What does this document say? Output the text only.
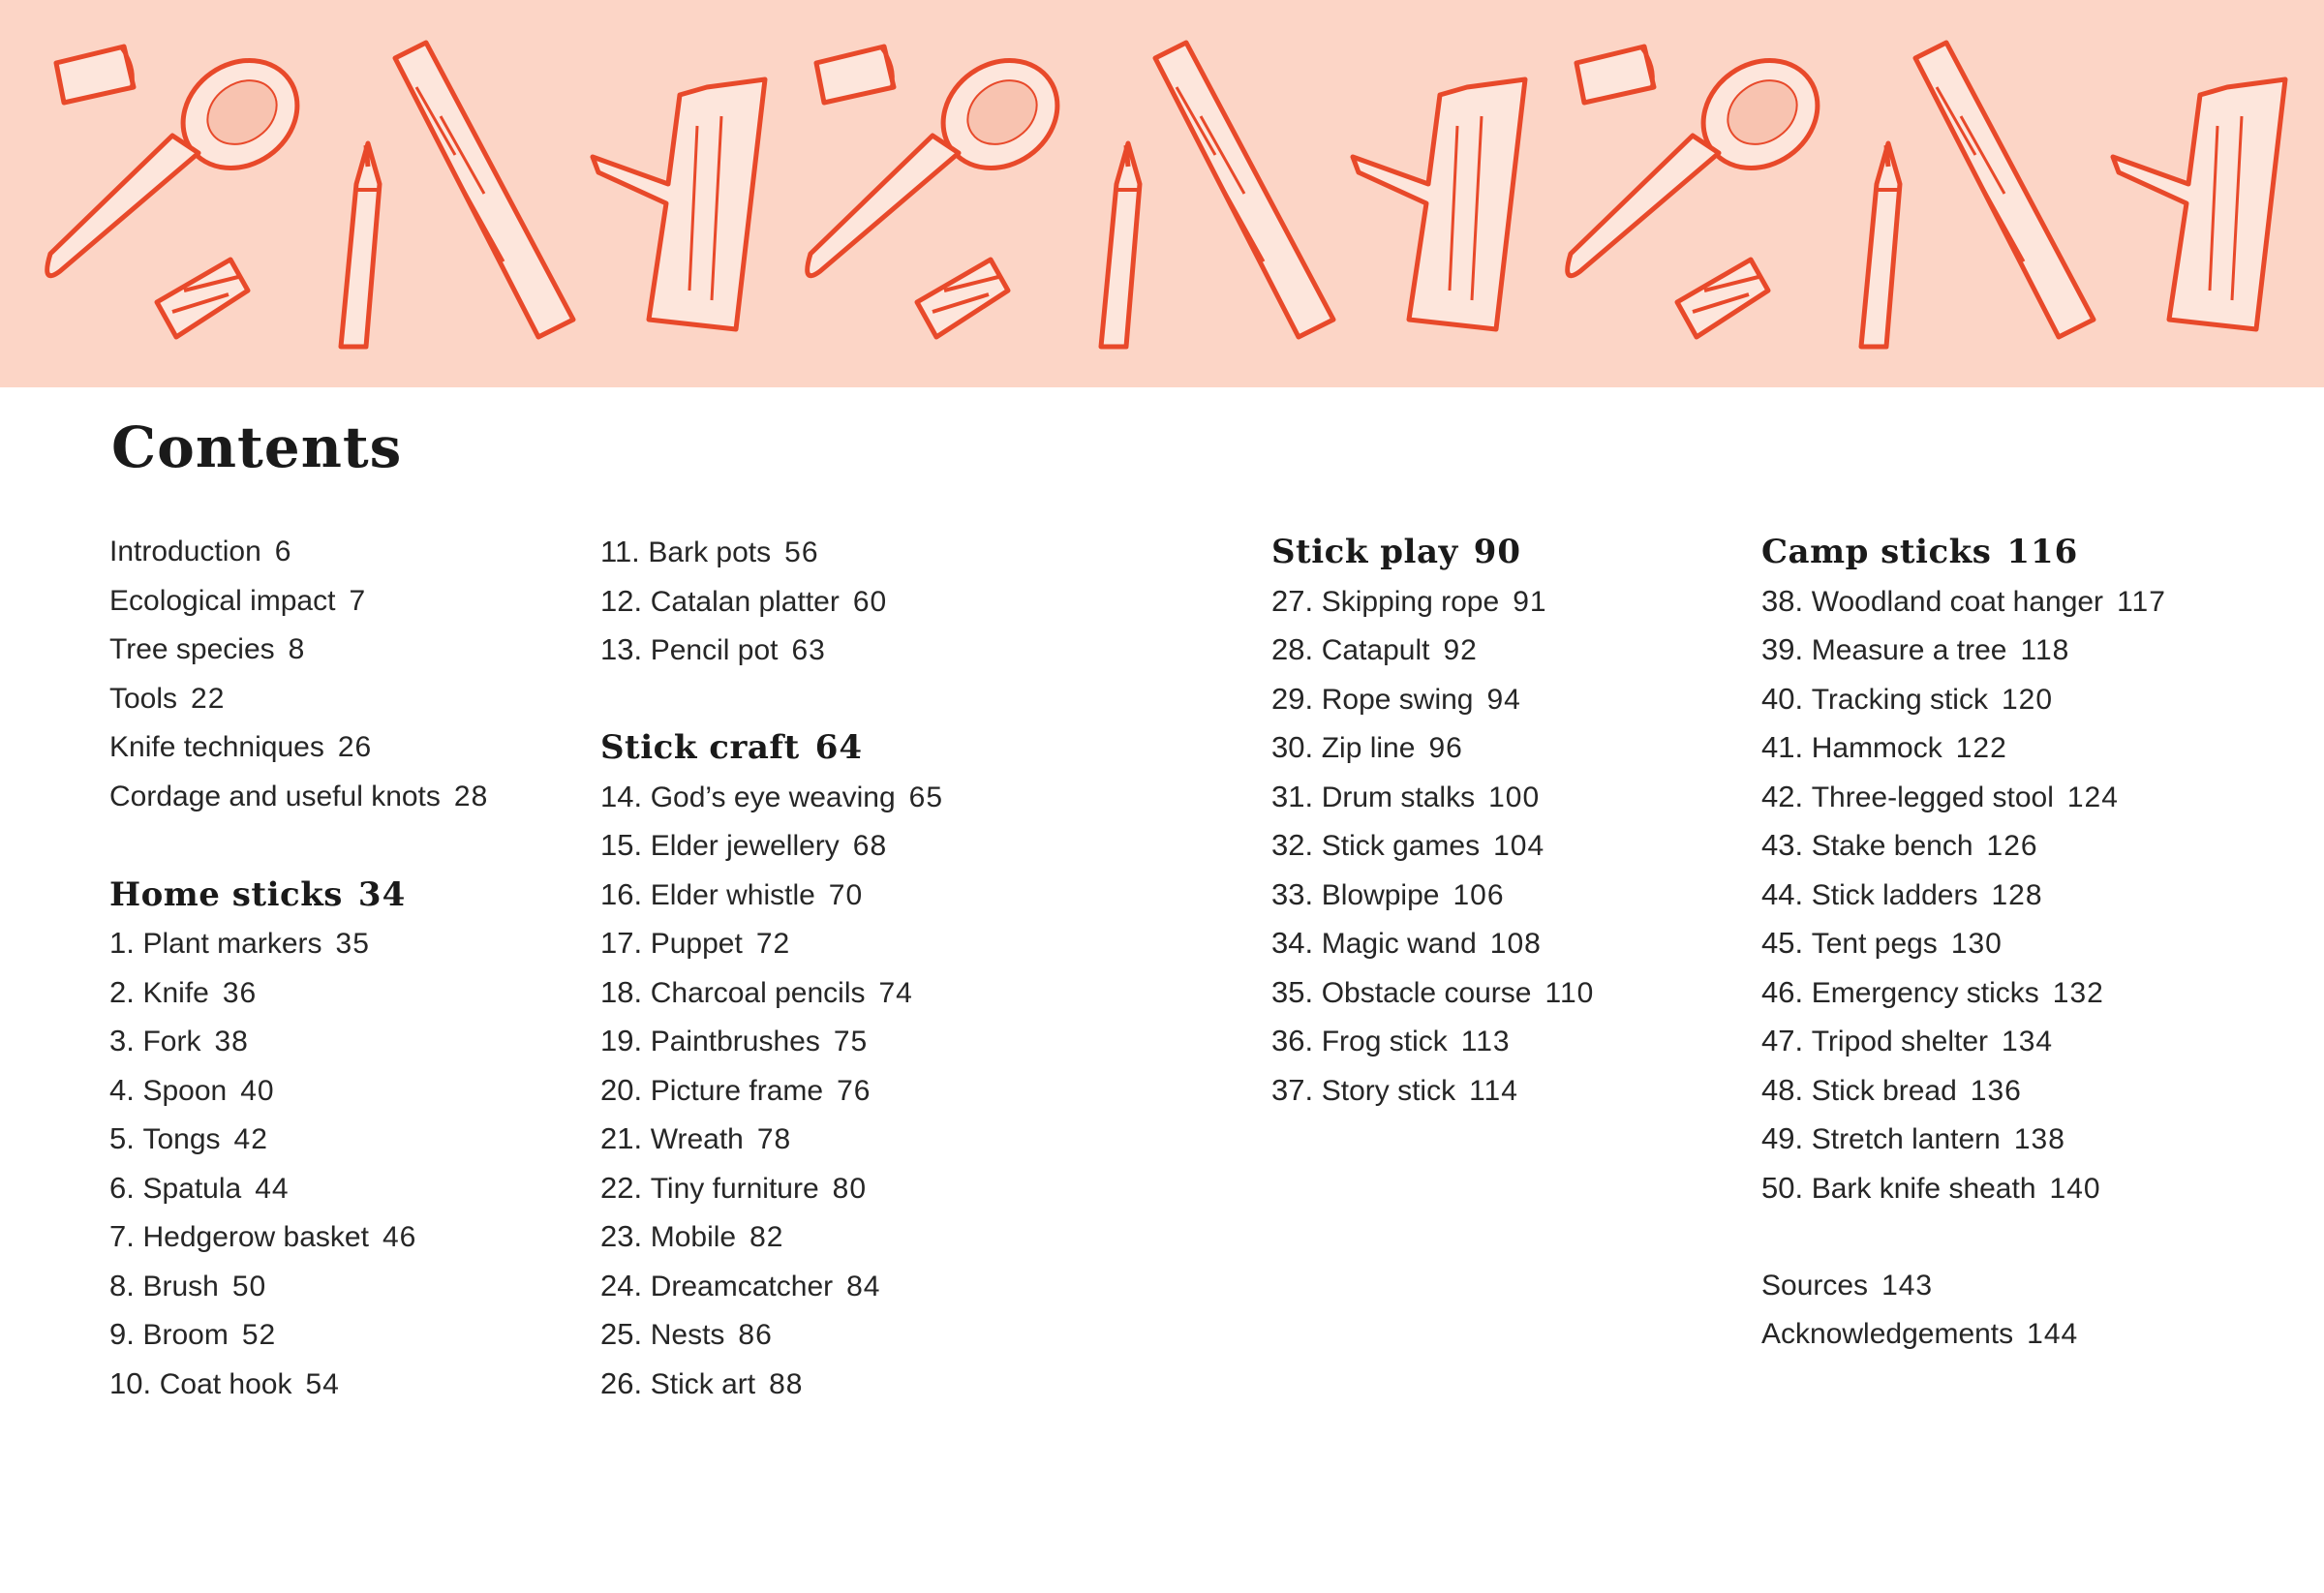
Contents
Introduction 6
Ecological impact 7
Tree species 8
Tools 22
Knife techniques 26
Cordage and useful knots 28
Home sticks 34
1. Plant markers 35
2. Knife 36
3. Fork 38
4. Spoon 40
5. Tongs 42
6. Spatula 44
7. Hedgerow basket 46
8. Brush 50
9. Broom 52
10. Coat hook 54
11. Bark pots 56
12. Catalan platter 60
13. Pencil pot 63
Stick craft 64
14. God’s eye weaving 65
15. Elder jewellery 68
16. Elder whistle 70
17. Puppet 72
18. Charcoal pencils 74
19. Paintbrushes 75
20. Picture frame 76
21. Wreath 78
22. Tiny furniture 80
23. Mobile 82
24. Dreamcatcher 84
25. Nests 86
26. Stick art 88
Stick play 90
27. Skipping rope 91
28. Catapult 92
29. Rope swing 94
30. Zip line 96
31. Drum stalks 100
32. Stick games 104
33. Blowpipe 106
34. Magic wand 108
35. Obstacle course 110
36. Frog stick 113
37. Story stick 114
Camp sticks 116
38. Woodland coat hanger 117
39. Measure a tree 118
40. Tracking stick 120
41. Hammock 122
42. Three-legged stool 124
43. Stake bench 126
44. Stick ladders 128
45. Tent pegs 130
46. Emergency sticks 132
47. Tripod shelter 134
48. Stick bread 136
49. Stretch lantern 138
50. Bark knife sheath 140
Sources 143
Acknowledgements 144
